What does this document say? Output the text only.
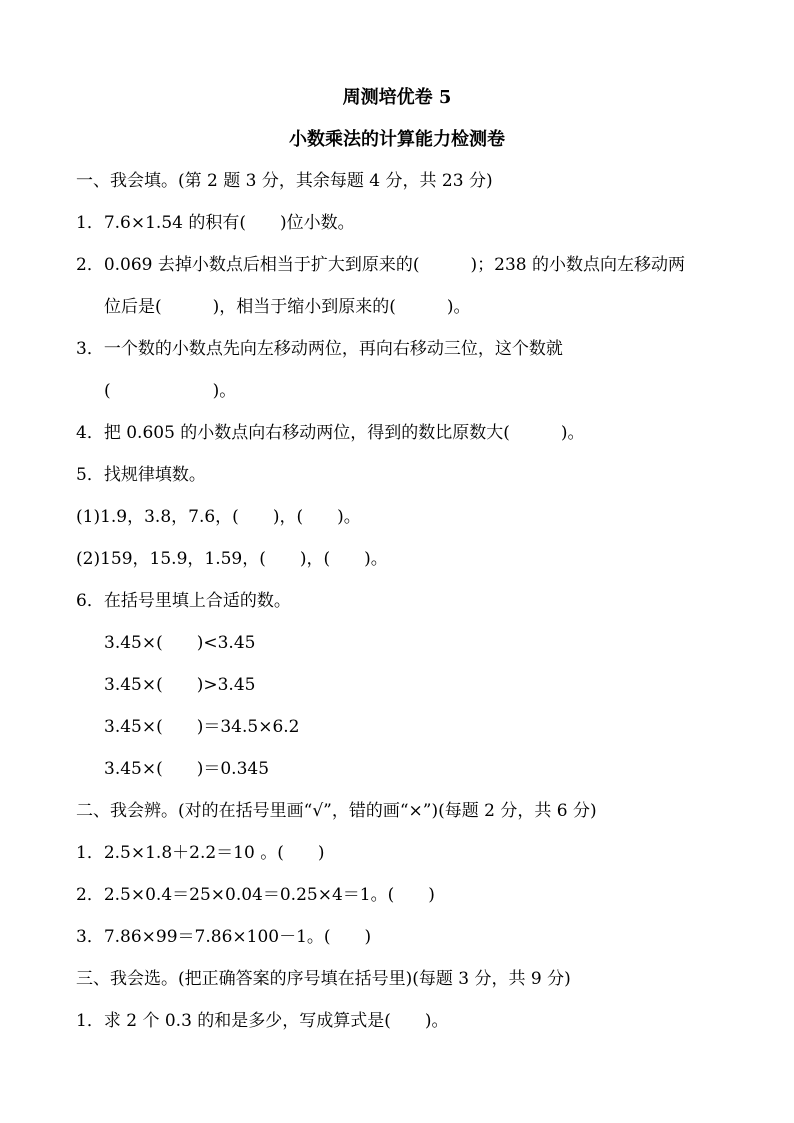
周测培优卷 5
小数乘法的计算能力检测卷
一、我会填。(第 2 题 3 分，其余每题 4 分，共 23 分)
1．7.6×1.54 的积有(　　)位小数。
2．0.069 去掉小数点后相当于扩大到原来的(　　　)；238 的小数点向左移动两
位后是(　　　)，相当于缩小到原来的(　　　)。
3．一个数的小数点先向左移动两位，再向右移动三位，这个数就
(　　　　　　)。
4．把 0.605 的小数点向右移动两位，得到的数比原数大(　　　)。
5．找规律填数。
(1)1.9，3.8，7.6，(　　)，(　　)。
(2)159，15.9，1.59，(　　)，(　　)。
6．在括号里填上合适的数。
3.45×(　　)<3.45
3.45×(　　)>3.45
3.45×(　　)＝34.5×6.2
3.45×(　　)＝0.345
二、我会辨。(对的在括号里画“√”，错的画“×”)(每题 2 分，共 6 分)
1．2.5×1.8＋2.2＝10 。(　　)
2．2.5×0.4＝25×0.04＝0.25×4＝1。(　　)
3．7.86×99＝7.86×100－1。(　　)
三、我会选。(把正确答案的序号填在括号里)(每题 3 分，共 9 分)
1．求 2 个 0.3 的和是多少，写成算式是(　　)。
